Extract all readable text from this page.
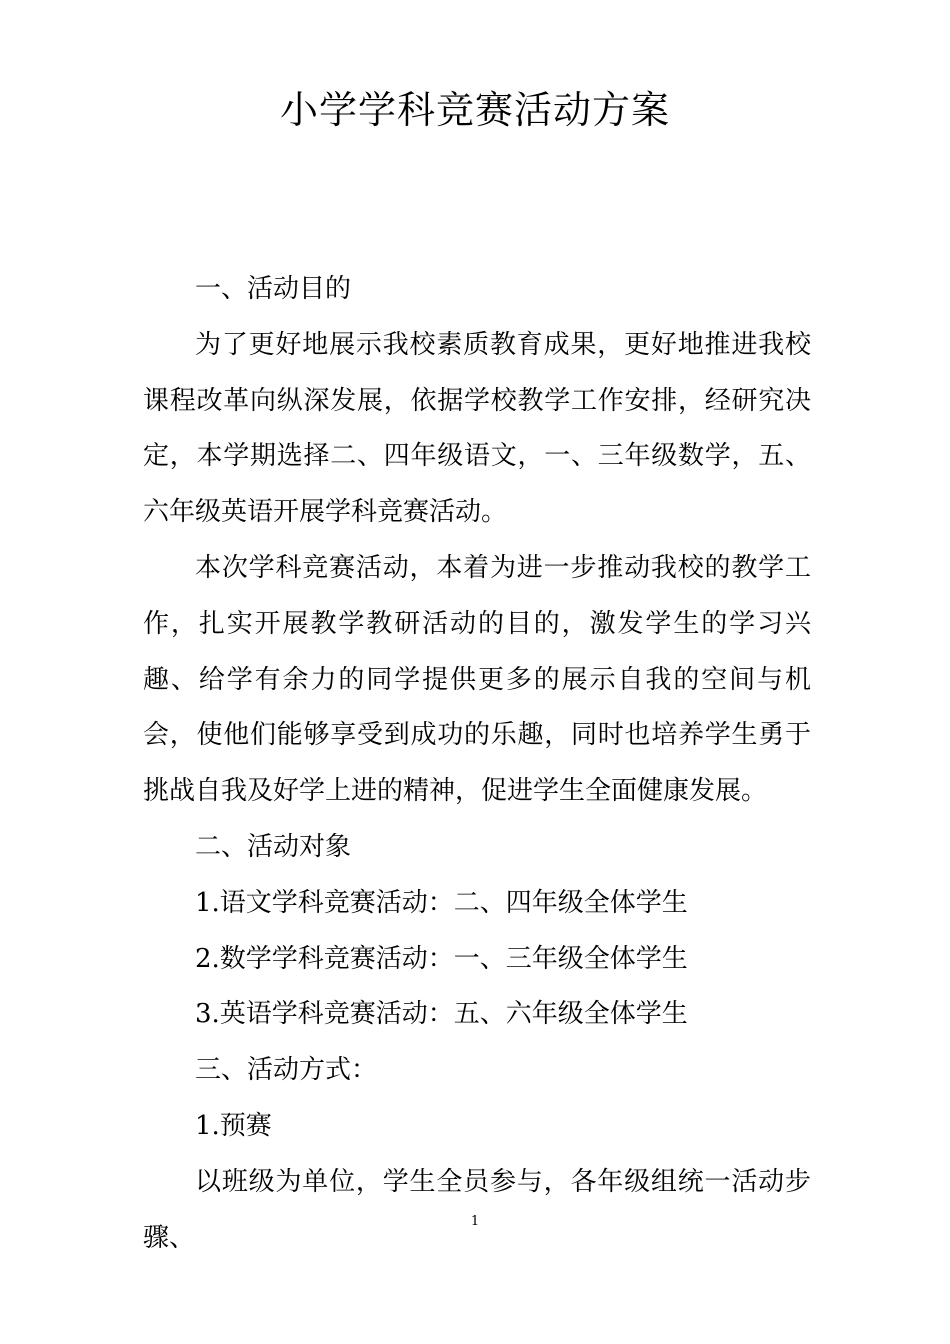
小学学科竞赛活动方案

一、活动目的

为了更好地展示我校素质教育成果，更好地推进我校课程改革向纵深发展，依据学校教学工作安排，经研究决定，本学期选择二、四年级语文，一、三年级数学，五、六年级英语开展学科竞赛活动。

本次学科竞赛活动，本着为进一步推动我校的教学工作，扎实开展教学教研活动的目的，激发学生的学习兴趣、给学有余力的同学提供更多的展示自我的空间与机会，使他们能够享受到成功的乐趣，同时也培养学生勇于挑战自我及好学上进的精神，促进学生全面健康发展。

二、活动对象

1.语文学科竞赛活动：二、四年级全体学生

2.数学学科竞赛活动：一、三年级全体学生

3.英语学科竞赛活动：五、六年级全体学生

三、活动方式：

1.预赛

以班级为单位，学生全员参与，各年级组统一活动步骤、

1
